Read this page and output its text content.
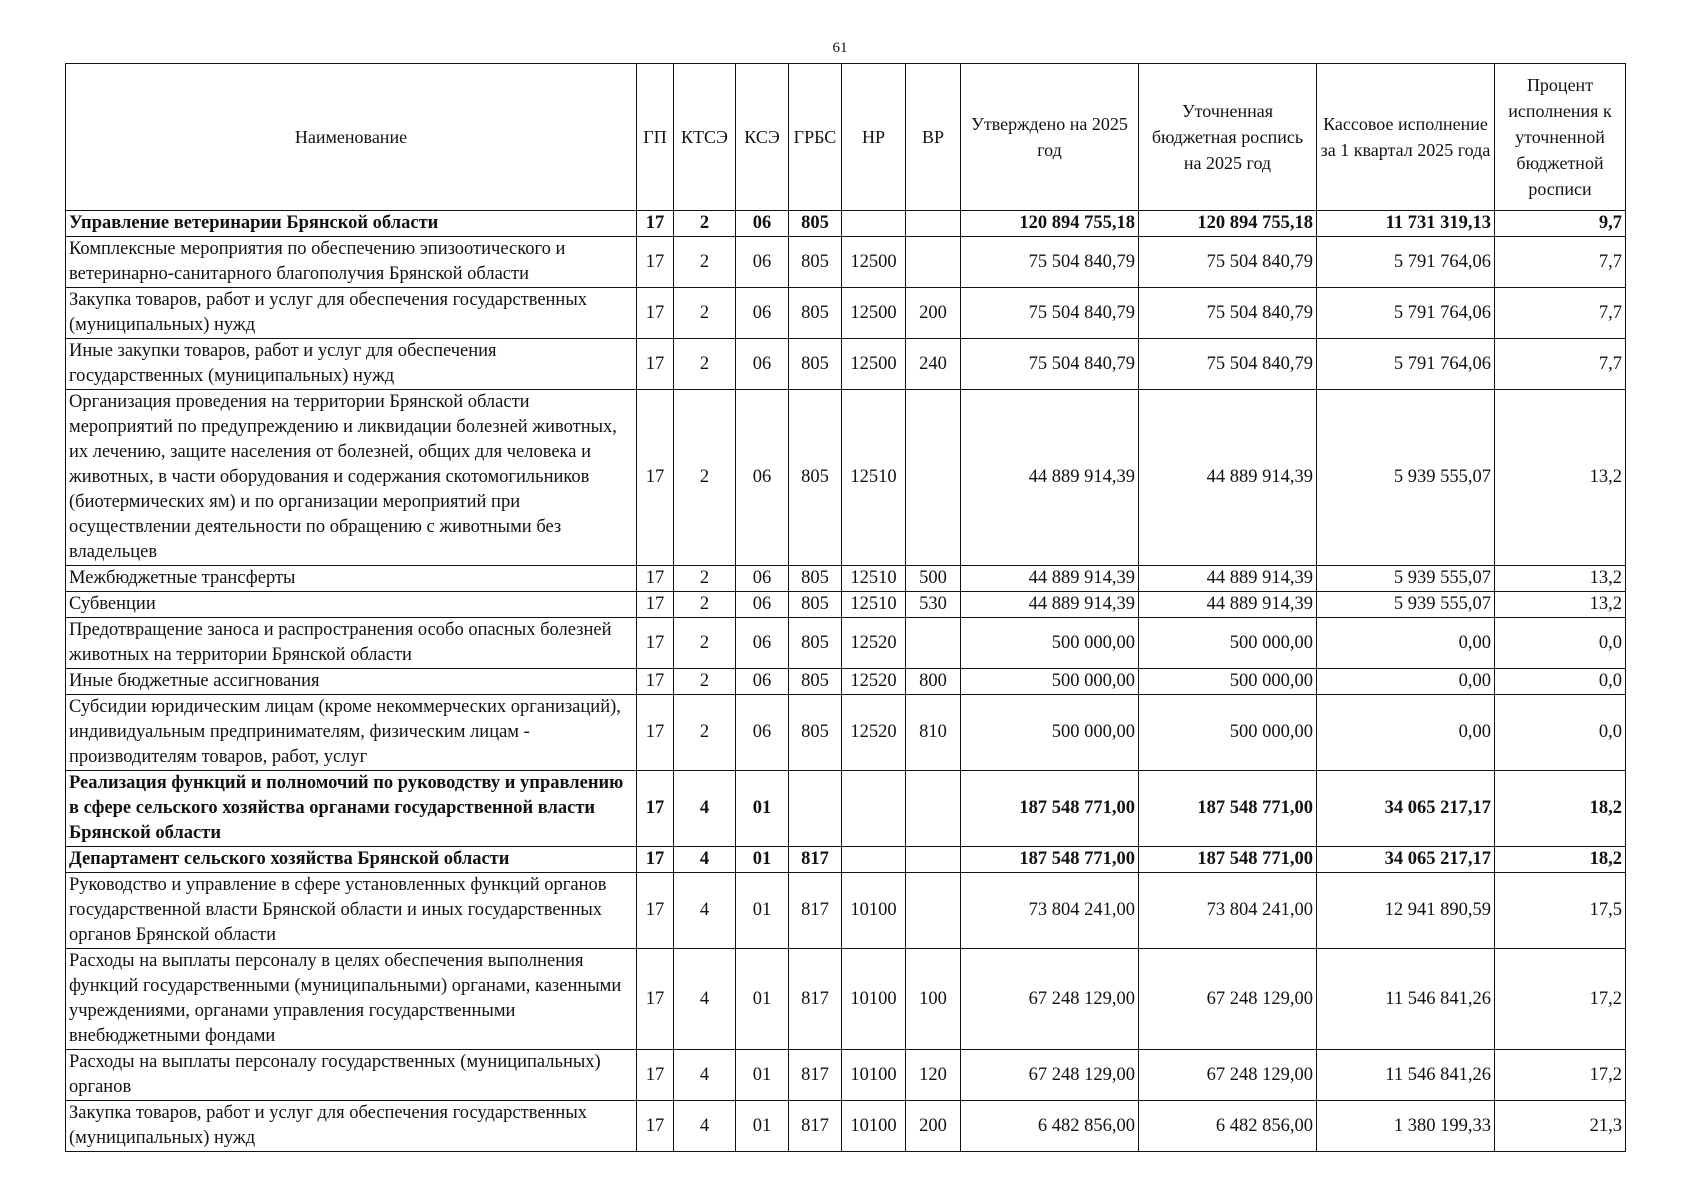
61
Наименование	ГП	КТСЭ	КСЭ	ГРБС	НР	ВР	Утверждено на 2025 год	Уточненная бюджетная роспись на 2025 год	Кассовое исполнение за 1 квартал 2025 года	Процент исполнения к уточненной бюджетной росписи
Управление ветеринарии Брянской области	17	2	06	805			120 894 755,18	120 894 755,18	11 731 319,13	9,7
Комплексные мероприятия по обеспечению эпизоотического и ветеринарно-санитарного благополучия Брянской области	17	2	06	805	12500		75 504 840,79	75 504 840,79	5 791 764,06	7,7
Закупка товаров, работ и услуг для обеспечения государственных (муниципальных) нужд	17	2	06	805	12500	200	75 504 840,79	75 504 840,79	5 791 764,06	7,7
Иные закупки товаров, работ и услуг для обеспечения государственных (муниципальных) нужд	17	2	06	805	12500	240	75 504 840,79	75 504 840,79	5 791 764,06	7,7
Организация проведения на территории Брянской области мероприятий по предупреждению и ликвидации болезней животных, их лечению, защите населения от болезней, общих для человека и животных, в части оборудования и содержания скотомогильников (биотермических ям) и по организации мероприятий при осуществлении деятельности по обращению с животными без владельцев	17	2	06	805	12510		44 889 914,39	44 889 914,39	5 939 555,07	13,2
Межбюджетные трансферты	17	2	06	805	12510	500	44 889 914,39	44 889 914,39	5 939 555,07	13,2
Субвенции	17	2	06	805	12510	530	44 889 914,39	44 889 914,39	5 939 555,07	13,2
Предотвращение заноса и распространения особо опасных болезней животных на территории Брянской области	17	2	06	805	12520		500 000,00	500 000,00	0,00	0,0
Иные бюджетные ассигнования	17	2	06	805	12520	800	500 000,00	500 000,00	0,00	0,0
Субсидии юридическим лицам (кроме некоммерческих организаций), индивидуальным предпринимателям, физическим лицам - производителям товаров, работ, услуг	17	2	06	805	12520	810	500 000,00	500 000,00	0,00	0,0
Реализация функций и полномочий по руководству и управлению в сфере сельского хозяйства органами государственной власти Брянской области	17	4	01				187 548 771,00	187 548 771,00	34 065 217,17	18,2
Департамент сельского хозяйства Брянской области	17	4	01	817			187 548 771,00	187 548 771,00	34 065 217,17	18,2
Руководство и управление в сфере установленных функций органов государственной власти Брянской области и иных государственных органов Брянской области	17	4	01	817	10100		73 804 241,00	73 804 241,00	12 941 890,59	17,5
Расходы на выплаты персоналу в целях обеспечения выполнения функций государственными (муниципальными) органами, казенными учреждениями, органами управления государственными внебюджетными фондами	17	4	01	817	10100	100	67 248 129,00	67 248 129,00	11 546 841,26	17,2
Расходы на выплаты персоналу государственных (муниципальных) органов	17	4	01	817	10100	120	67 248 129,00	67 248 129,00	11 546 841,26	17,2
Закупка товаров, работ и услуг для обеспечения государственных (муниципальных) нужд	17	4	01	817	10100	200	6 482 856,00	6 482 856,00	1 380 199,33	21,3
